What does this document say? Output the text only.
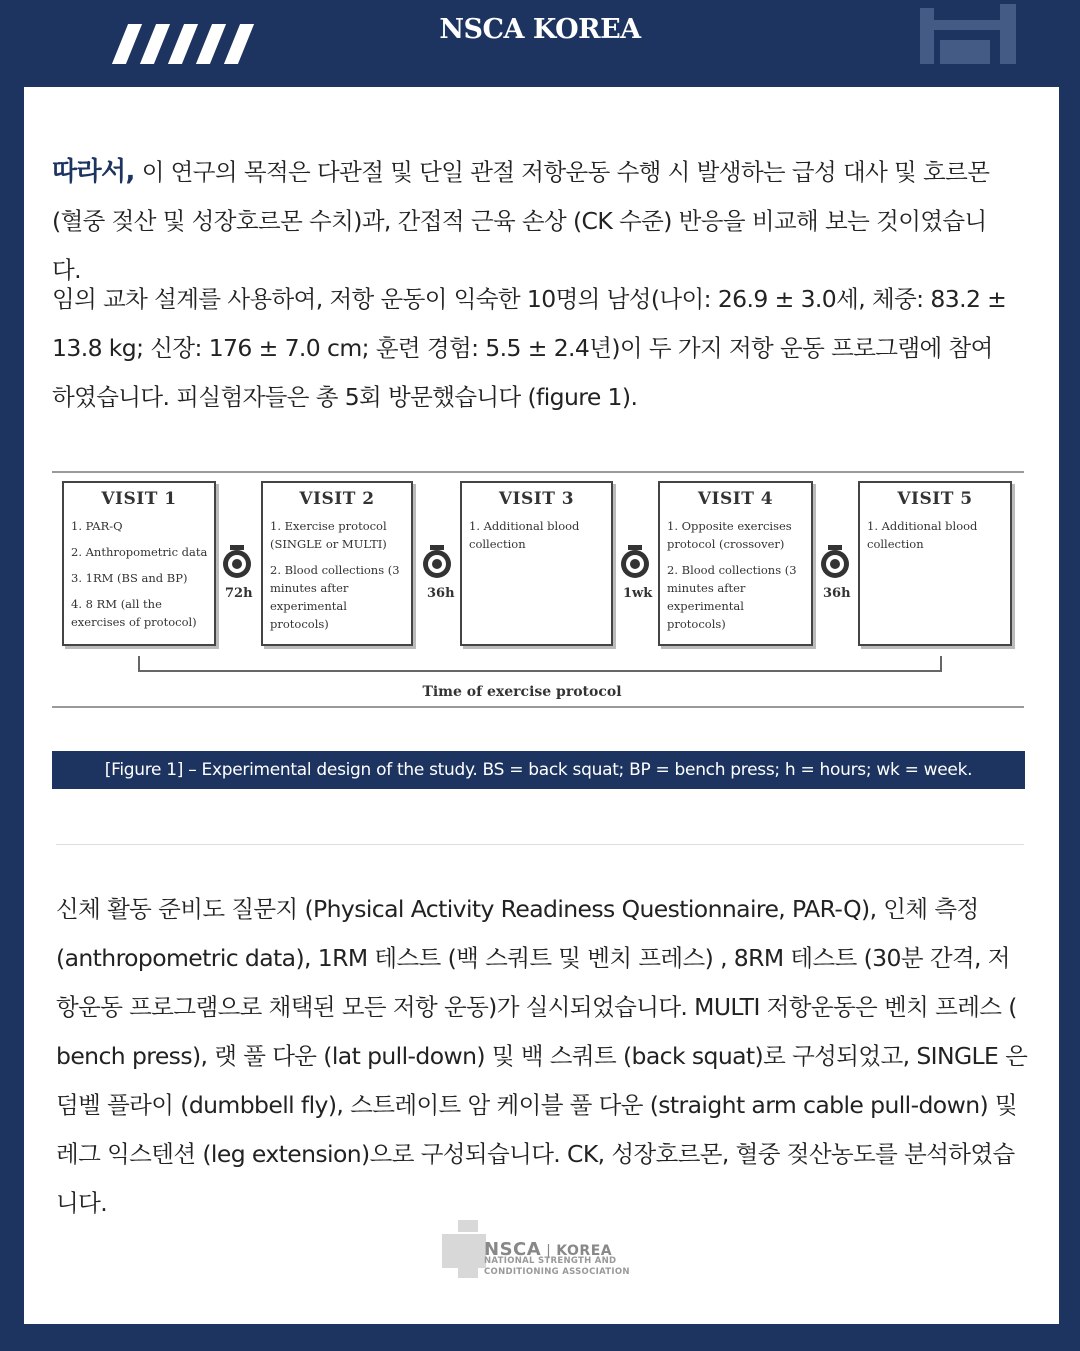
NSCA KOREA
따라서, 이 연구의 목적은 다관절 및 단일 관절 저항운동 수행 시 발생하는 급성 대사 및 호르몬 (혈중 젖산 및 성장호르몬 수치)과, 간접적 근육 손상 (CK 수준) 반응을 비교해 보는 것이였습니다.
임의 교차 설계를 사용하여, 저항 운동이 익숙한 10명의 남성(나이: 26.9 ± 3.0세, 체중: 83.2 ± 13.8 kg; 신장: 176 ± 7.0 cm; 훈련 경험: 5.5 ± 2.4년)이 두 가지 저항 운동 프로그램에 참여하였습니다. 피실험자들은 총 5회 방문했습니다 (figure 1).
VISIT 1
1. PAR-Q
2. Anthropometric data
3. 1RM (BS and BP)
4. 8 RM (all the exercises of protocol)
VISIT 2
1. Exercise protocol (SINGLE or MULTI)
2. Blood collections (3 minutes after experimental protocols)
VISIT 3
1. Additional blood collection
VISIT 4
1. Opposite exercises protocol (crossover)
2. Blood collections (3 minutes after experimental protocols)
VISIT 5
1. Additional blood collection
72h	36h	1wk	36h
Time of exercise protocol
[Figure 1] – Experimental design of the study. BS = back squat; BP = bench press; h = hours; wk = week.
신체 활동 준비도 질문지 (Physical Activity Readiness Questionnaire, PAR-Q), 인체 측정 (anthropometric data), 1RM 테스트 (백 스쿼트 및 벤치 프레스) , 8RM 테스트 (30분 간격, 저항운동 프로그램으로 채택된 모든 저항 운동)가 실시되었습니다. MULTI 저항운동은 벤치 프레스 ( bench press), 랫 풀 다운 (lat pull-down) 및 백 스쿼트 (back squat)로 구성되었고, SINGLE 은 덤벨 플라이 (dumbbell fly), 스트레이트 암 케이블 풀 다운 (straight arm cable pull-down) 및 레그 익스텐션 (leg extension)으로 구성되습니다. CK, 성장호르몬, 혈중 젖산농도를 분석하였습니다.
NSCA | KOREA
NATIONAL STRENGTH AND
CONDITIONING ASSOCIATION
